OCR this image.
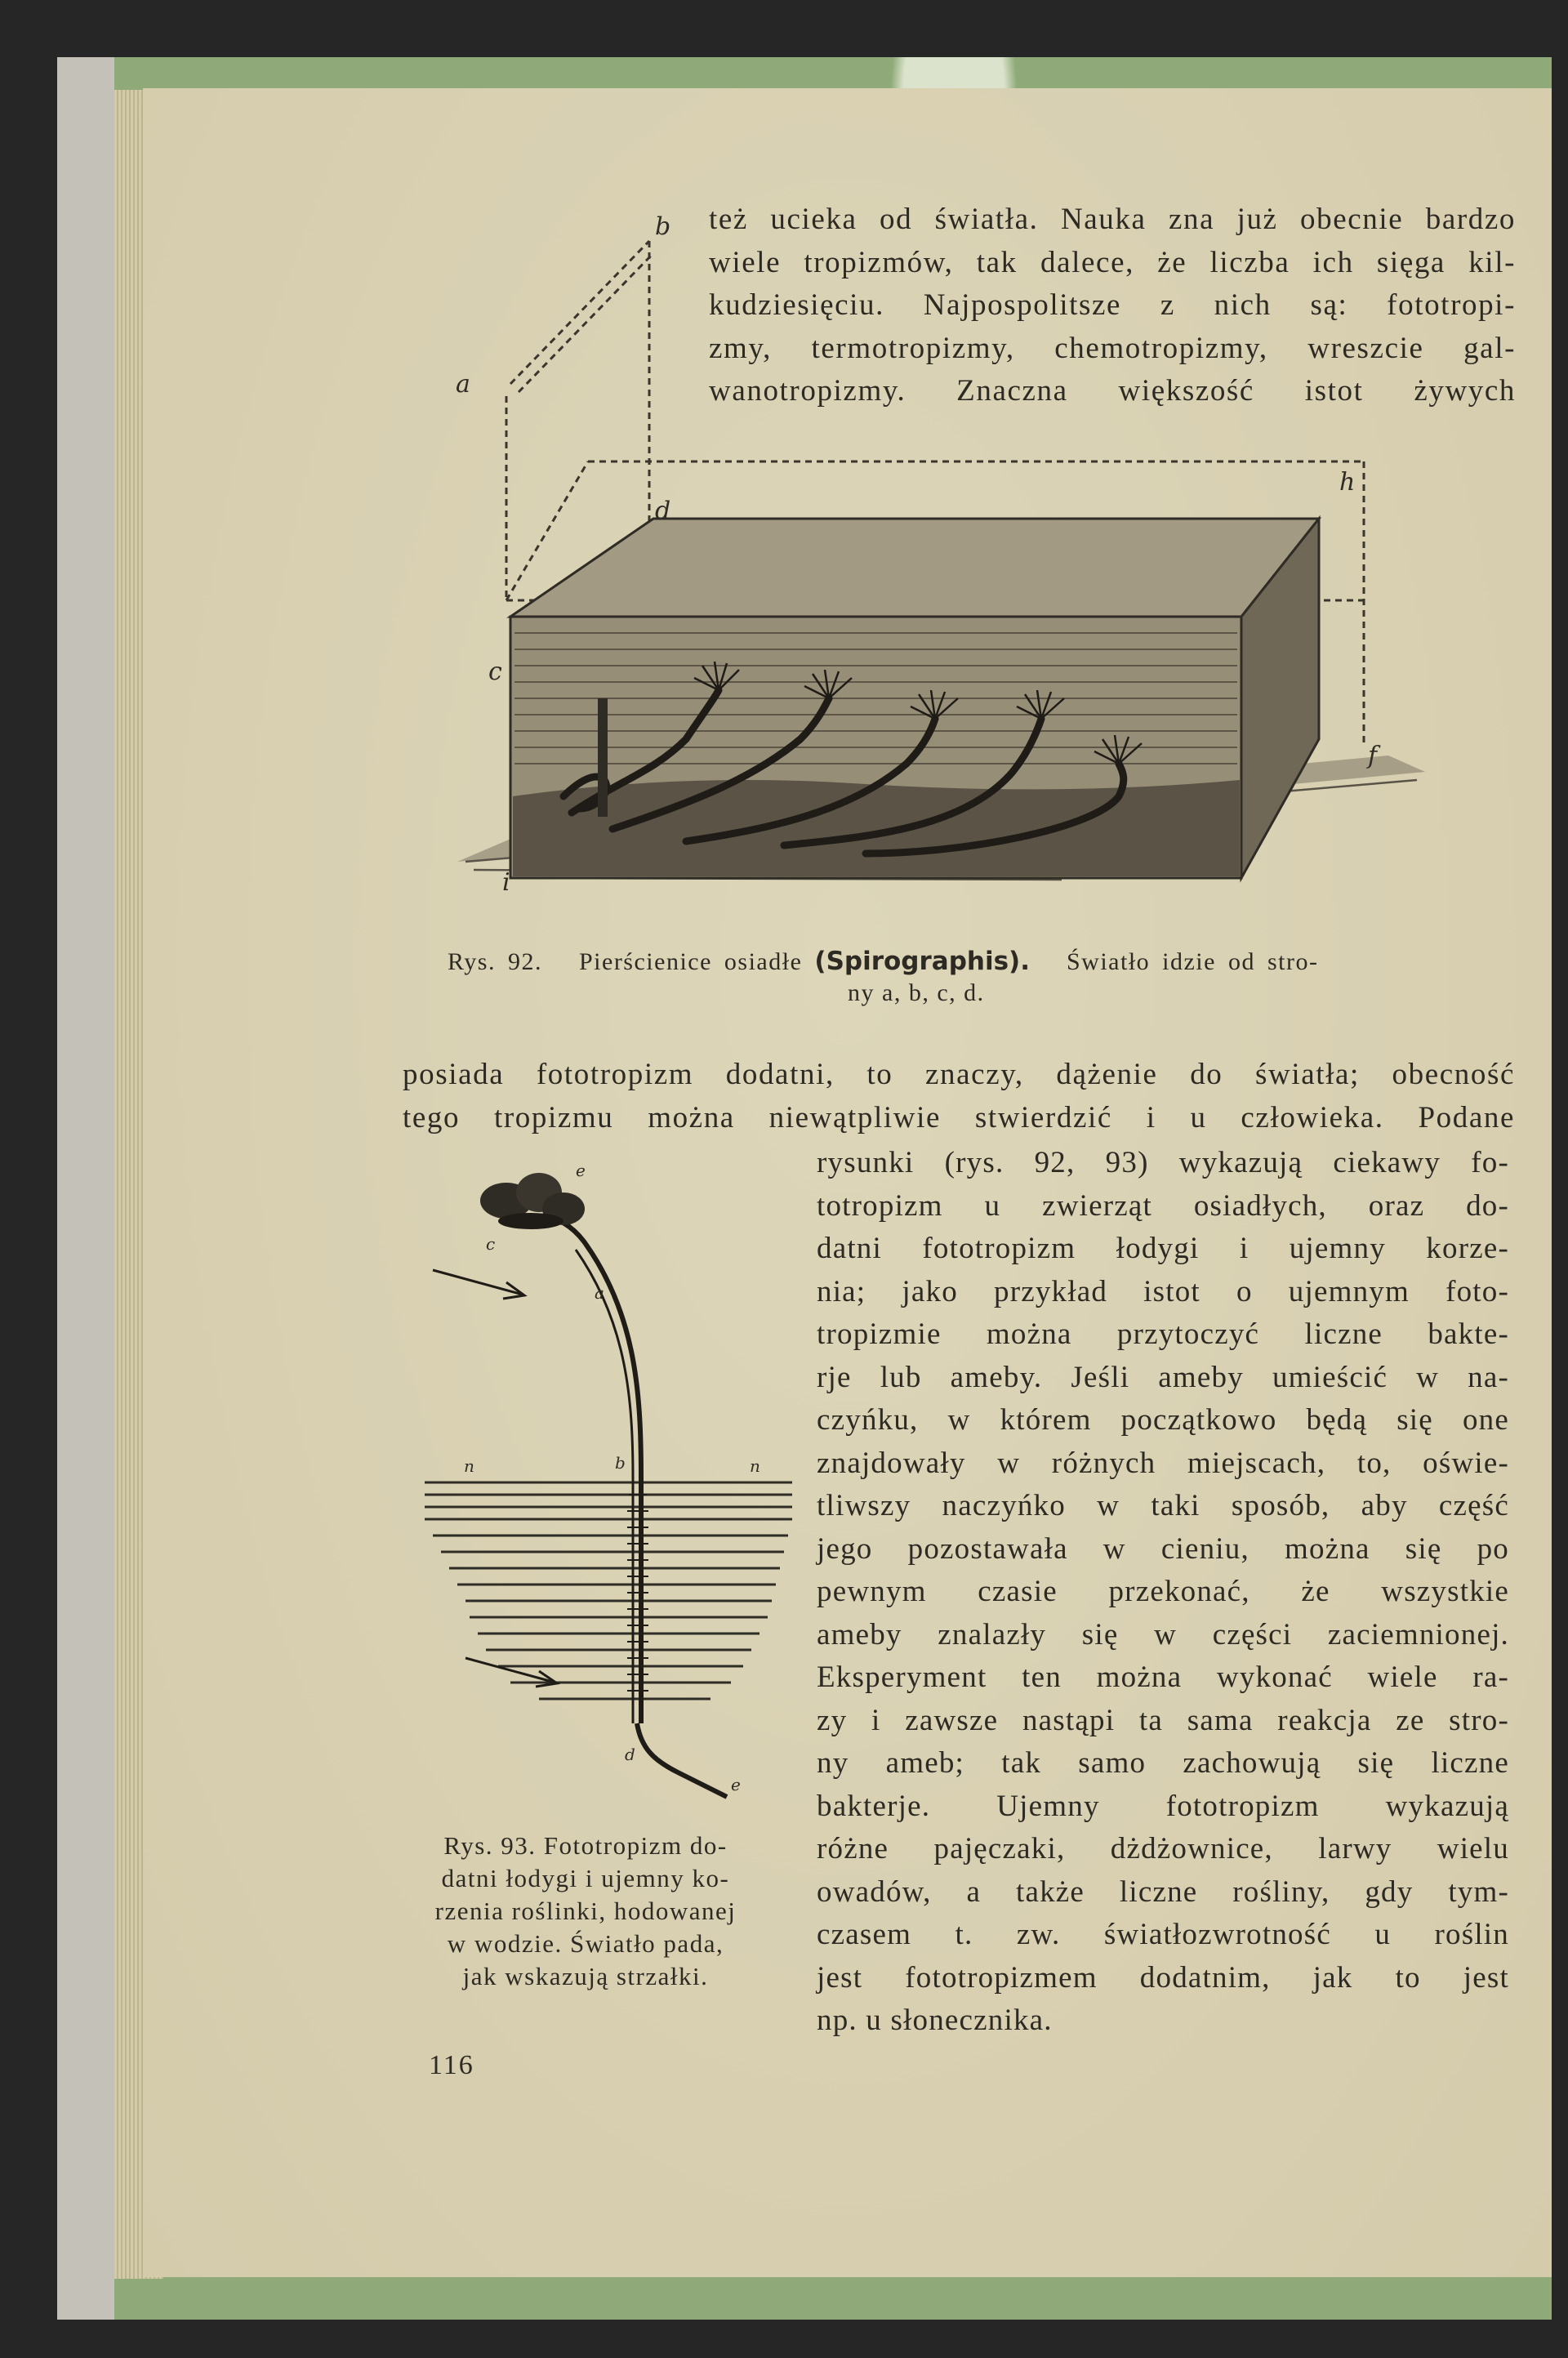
też ucieka od światła. Nauka zna już obecnie bardzo
wiele tropizmów, tak dalece, że liczba ich sięga kil-
kudziesięciu. Najpospolitsze z nich są: fototropi-
zmy, termotropizmy, chemotropizmy, wreszcie gal-
wanotropizmy. Znaczna większość istot żywych
a
b
c
d
h
f
i
Rys. 92. Pierścienice osiadłe (Spirographis). Światło idzie od stro-
ny a, b, c, d.
posiada fototropizm dodatni, to znaczy, dążenie do światła; obecność
tego tropizmu można niewątpliwie stwierdzić i u człowieka. Podane
e
c
a
b
n	n
d
e
Rys. 93. Fototropizm do-
datni łodygi i ujemny ko-
rzenia roślinki, hodowanej
w wodzie. Światło pada,
jak wskazują strzałki.
rysunki (rys. 92, 93) wykazują ciekawy fo-
totropizm u zwierząt osiadłych, oraz do-
datni fototropizm łodygi i ujemny korze-
nia; jako przykład istot o ujemnym foto-
tropizmie można przytoczyć liczne bakte-
rje lub ameby. Jeśli ameby umieścić w na-
czyńku, w którem początkowo będą się one
znajdowały w różnych miejscach, to, oświe-
tliwszy naczyńko w taki sposób, aby część
jego pozostawała w cieniu, można się po
pewnym czasie przekonać, że wszystkie
ameby znalazły się w części zaciemnionej.
Eksperyment ten można wykonać wiele ra-
zy i zawsze nastąpi ta sama reakcja ze stro-
ny ameb; tak samo zachowują się liczne
bakterje. Ujemny fototropizm wykazują
różne pajęczaki, dżdżownice, larwy wielu
owadów, a także liczne rośliny, gdy tym-
czasem t. zw. światłozwrotność u roślin
jest fototropizmem dodatnim, jak to jest
np. u słonecznika.
116
